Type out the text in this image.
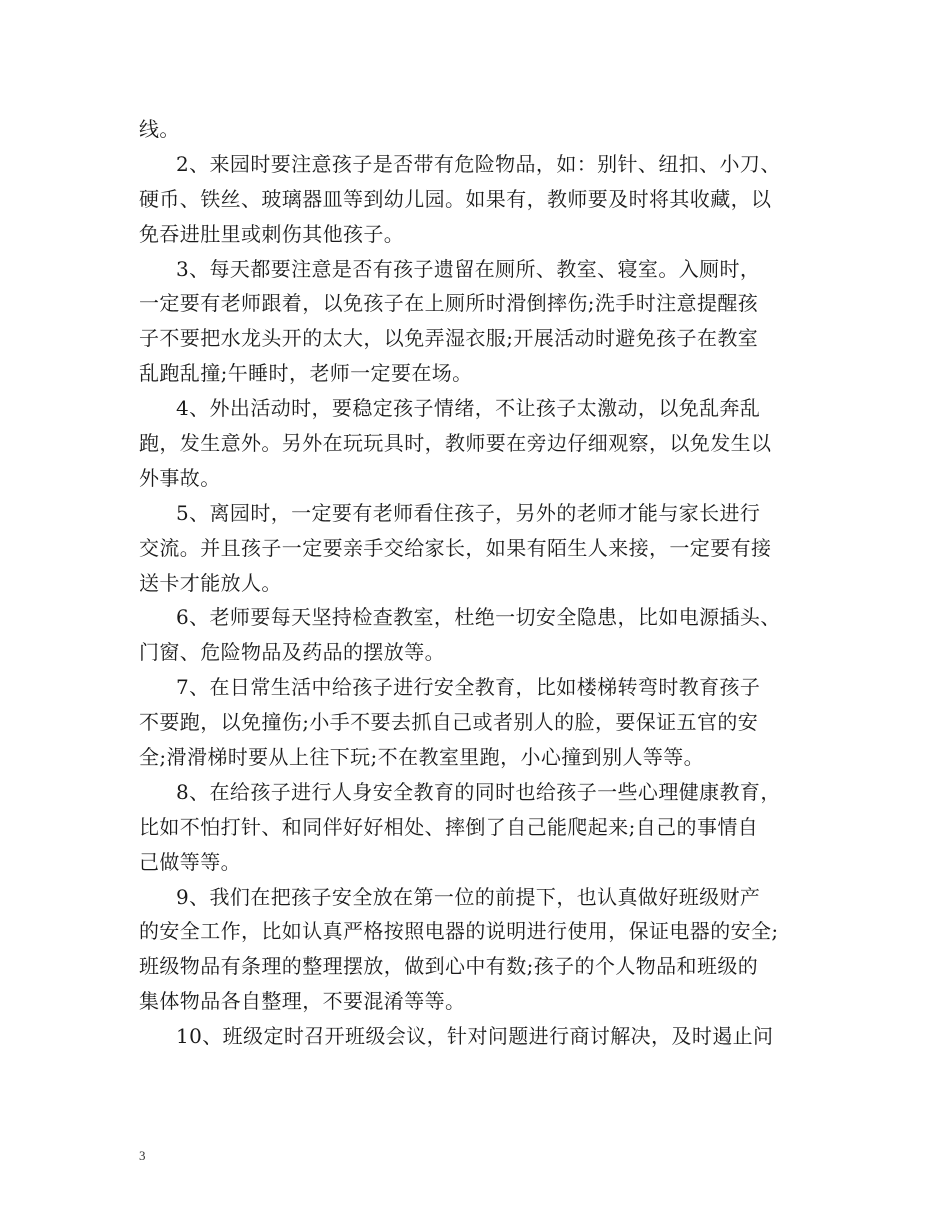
线。
2、来园时要注意孩子是否带有危险物品，如：别针、纽扣、小刀、
硬币、铁丝、玻璃器皿等到幼儿园。如果有，教师要及时将其收藏，以
免吞进肚里或刺伤其他孩子。
3、每天都要注意是否有孩子遗留在厕所、教室、寝室。入厕时，
一定要有老师跟着，以免孩子在上厕所时滑倒摔伤;洗手时注意提醒孩
子不要把水龙头开的太大，以免弄湿衣服;开展活动时避免孩子在教室
乱跑乱撞;午睡时，老师一定要在场。
4、外出活动时，要稳定孩子情绪，不让孩子太激动，以免乱奔乱
跑，发生意外。另外在玩玩具时，教师要在旁边仔细观察，以免发生以
外事故。
5、离园时，一定要有老师看住孩子，另外的老师才能与家长进行
交流。并且孩子一定要亲手交给家长，如果有陌生人来接，一定要有接
送卡才能放人。
6、老师要每天坚持检查教室，杜绝一切安全隐患，比如电源插头、
门窗、危险物品及药品的摆放等。
7、在日常生活中给孩子进行安全教育，比如楼梯转弯时教育孩子
不要跑，以免撞伤;小手不要去抓自己或者别人的脸，要保证五官的安
全;滑滑梯时要从上往下玩;不在教室里跑，小心撞到别人等等。
8、在给孩子进行人身安全教育的同时也给孩子一些心理健康教育，
比如不怕打针、和同伴好好相处、摔倒了自己能爬起来;自己的事情自
己做等等。
9、我们在把孩子安全放在第一位的前提下，也认真做好班级财产
的安全工作，比如认真严格按照电器的说明进行使用，保证电器的安全;
班级物品有条理的整理摆放，做到心中有数;孩子的个人物品和班级的
集体物品各自整理，不要混淆等等。
10、班级定时召开班级会议，针对问题进行商讨解决，及时遏止问
3
